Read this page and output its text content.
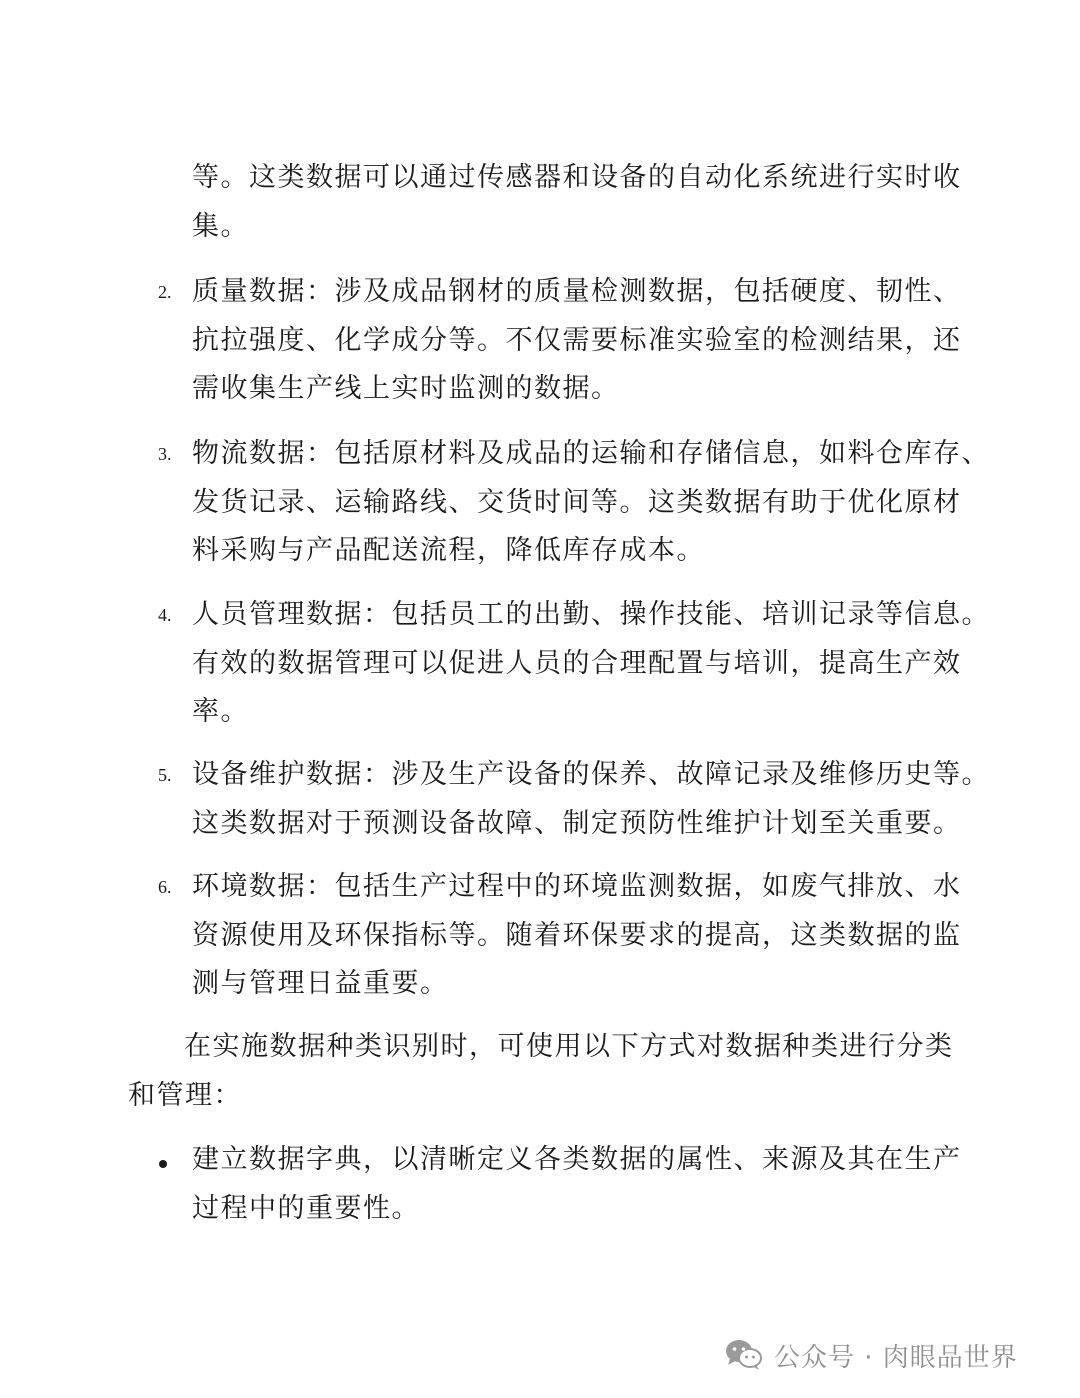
等。这类数据可以通过传感器和设备的自动化系统进行实时收
集。
2. 质量数据：涉及成品钢材的质量检测数据，包括硬度、韧性、
抗拉强度、化学成分等。不仅需要标准实验室的检测结果，还
需收集生产线上实时监测的数据。
3. 物流数据：包括原材料及成品的运输和存储信息，如料仓库存、
发货记录、运输路线、交货时间等。这类数据有助于优化原材
料采购与产品配送流程，降低库存成本。
4. 人员管理数据：包括员工的出勤、操作技能、培训记录等信息。
有效的数据管理可以促进人员的合理配置与培训，提高生产效
率。
5. 设备维护数据：涉及生产设备的保养、故障记录及维修历史等。
这类数据对于预测设备故障、制定预防性维护计划至关重要。
6. 环境数据：包括生产过程中的环境监测数据，如废气排放、水
资源使用及环保指标等。随着环保要求的提高，这类数据的监
测与管理日益重要。
在实施数据种类识别时，可使用以下方式对数据种类进行分类
和管理：
建立数据字典，以清晰定义各类数据的属性、来源及其在生产
过程中的重要性。
公众号 · 肉眼品世界
